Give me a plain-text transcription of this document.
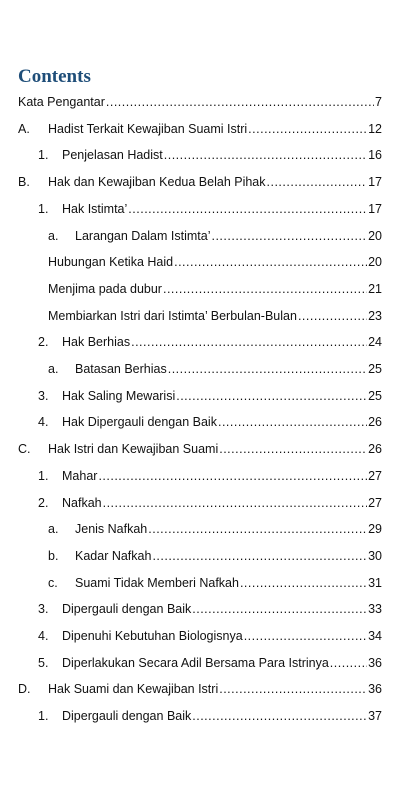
Contents
Kata Pengantar .....	7
A. Hadist Terkait Kewajiban Suami Istri .....	12
1. Penjelasan Hadist .....	16
B. Hak dan Kewajiban Kedua Belah Pihak .....	17
1. Hak Istimta’ .....	17
a. Larangan Dalam Istimta’ .....	20
Hubungan Ketika Haid .....	20
Menjima pada dubur .....	21
Membiarkan Istri dari Istimta’ Berbulan-Bulan .....	23
2. Hak Berhias .....	24
a. Batasan Berhias .....	25
3. Hak Saling Mewarisi .....	25
4. Hak Dipergauli dengan Baik .....	26
C. Hak Istri dan Kewajiban Suami .....	26
1. Mahar .....	27
2. Nafkah .....	27
a. Jenis Nafkah .....	29
b. Kadar Nafkah .....	30
c. Suami Tidak Memberi Nafkah .....	31
3. Dipergauli dengan Baik .....	33
4. Dipenuhi Kebutuhan Biologisnya .....	34
5. Diperlakukan Secara Adil Bersama Para Istrinya .....	36
D. Hak Suami dan Kewajiban Istri .....	36
1. Dipergauli dengan Baik .....	37
